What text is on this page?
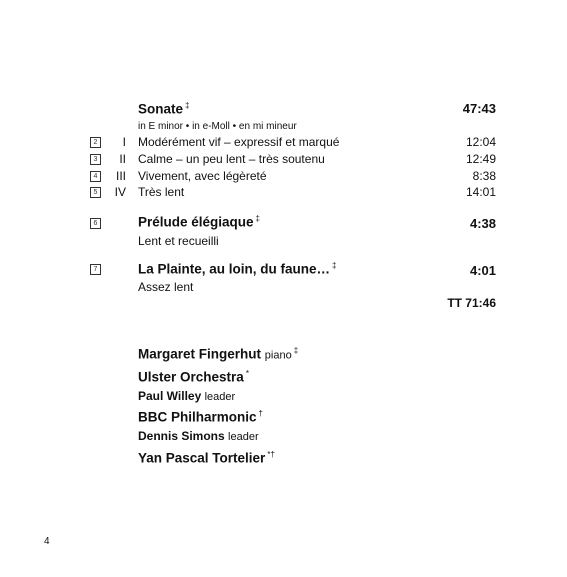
Sonate ‡	47:43
in E minor • in e-Moll • en mi mineur
2	I Modérément vif – expressif et marqué	12:04
3	II Calme – un peu lent – très soutenu	12:49
4	III Vivement, avec légèreté	8:38
5	IV Très lent	14:01
6	Prélude élégiaque ‡	4:38
Lent et recueilli
7	La Plainte, au loin, du faune… ‡	4:01
Assez lent
TT 71:46
Margaret Fingerhut piano ‡
Ulster Orchestra *
Paul Willey leader
BBC Philharmonic †
Dennis Simons leader
Yan Pascal Tortelier *†
4
